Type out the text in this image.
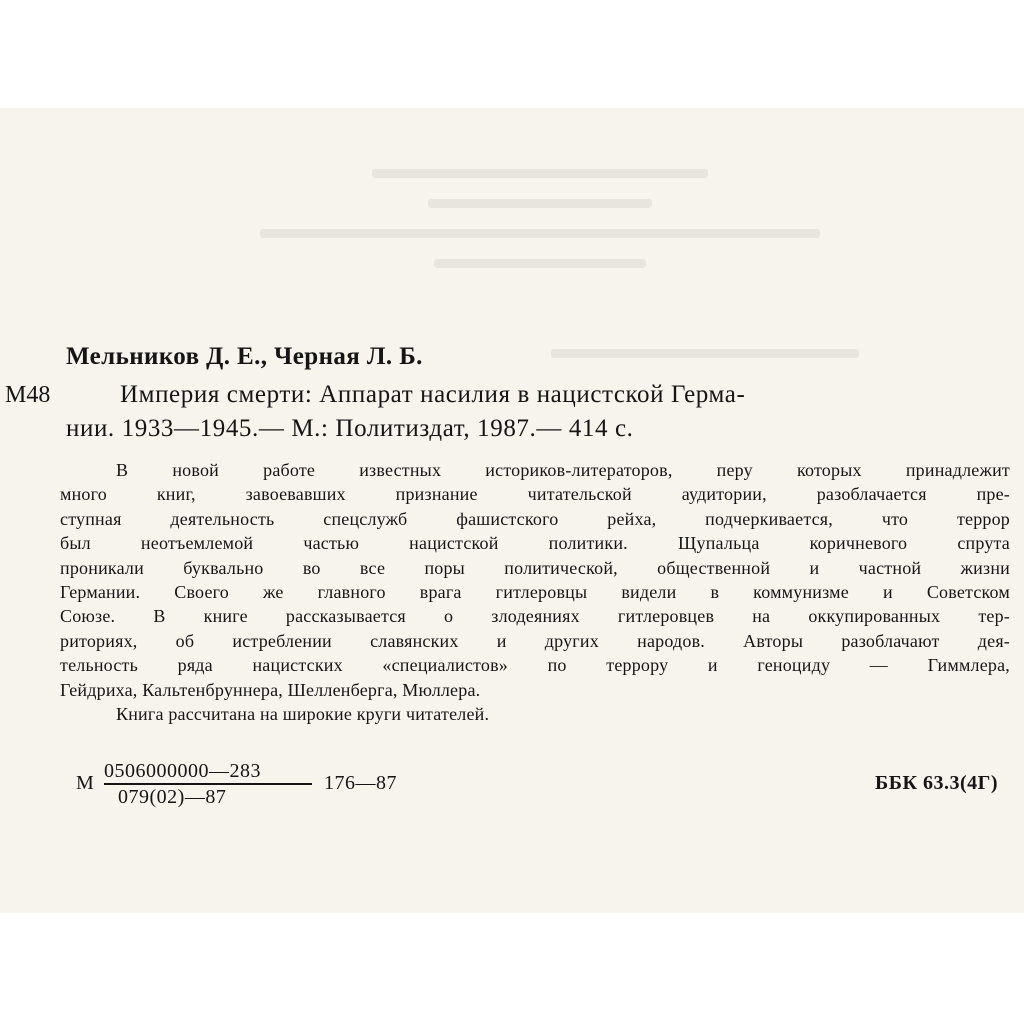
Мельников Д. Е., Черная Л. Б.
М48	Империя смерти: Аппарат насилия в нацистской Герма-
нии. 1933—1945.— М.: Политиздат, 1987.— 414 с.
В новой работе известных историков-литераторов, перу которых принадлежит
много книг, завоевавших признание читательской аудитории, разоблачается пре-
ступная деятельность спецслужб фашистского рейха, подчеркивается, что террор
был неотъемлемой частью нацистской политики. Щупальца коричневого спрута
проникали буквально во все поры политической, общественной и частной жизни
Германии. Своего же главного врага гитлеровцы видели в коммунизме и Советском
Союзе. В книге рассказывается о злодеяниях гитлеровцев на оккупированных тер-
риториях, об истреблении славянских и других народов. Авторы разоблачают дея-
тельность ряда нацистских «специалистов» по террору и геноциду — Гиммлера,
Гейдриха, Кальтенбруннера, Шелленберга, Мюллера.
Книга рассчитана на широкие круги читателей.
М
0506000000—283
079(02)—87
176—87	ББК 63.3(4Г)
